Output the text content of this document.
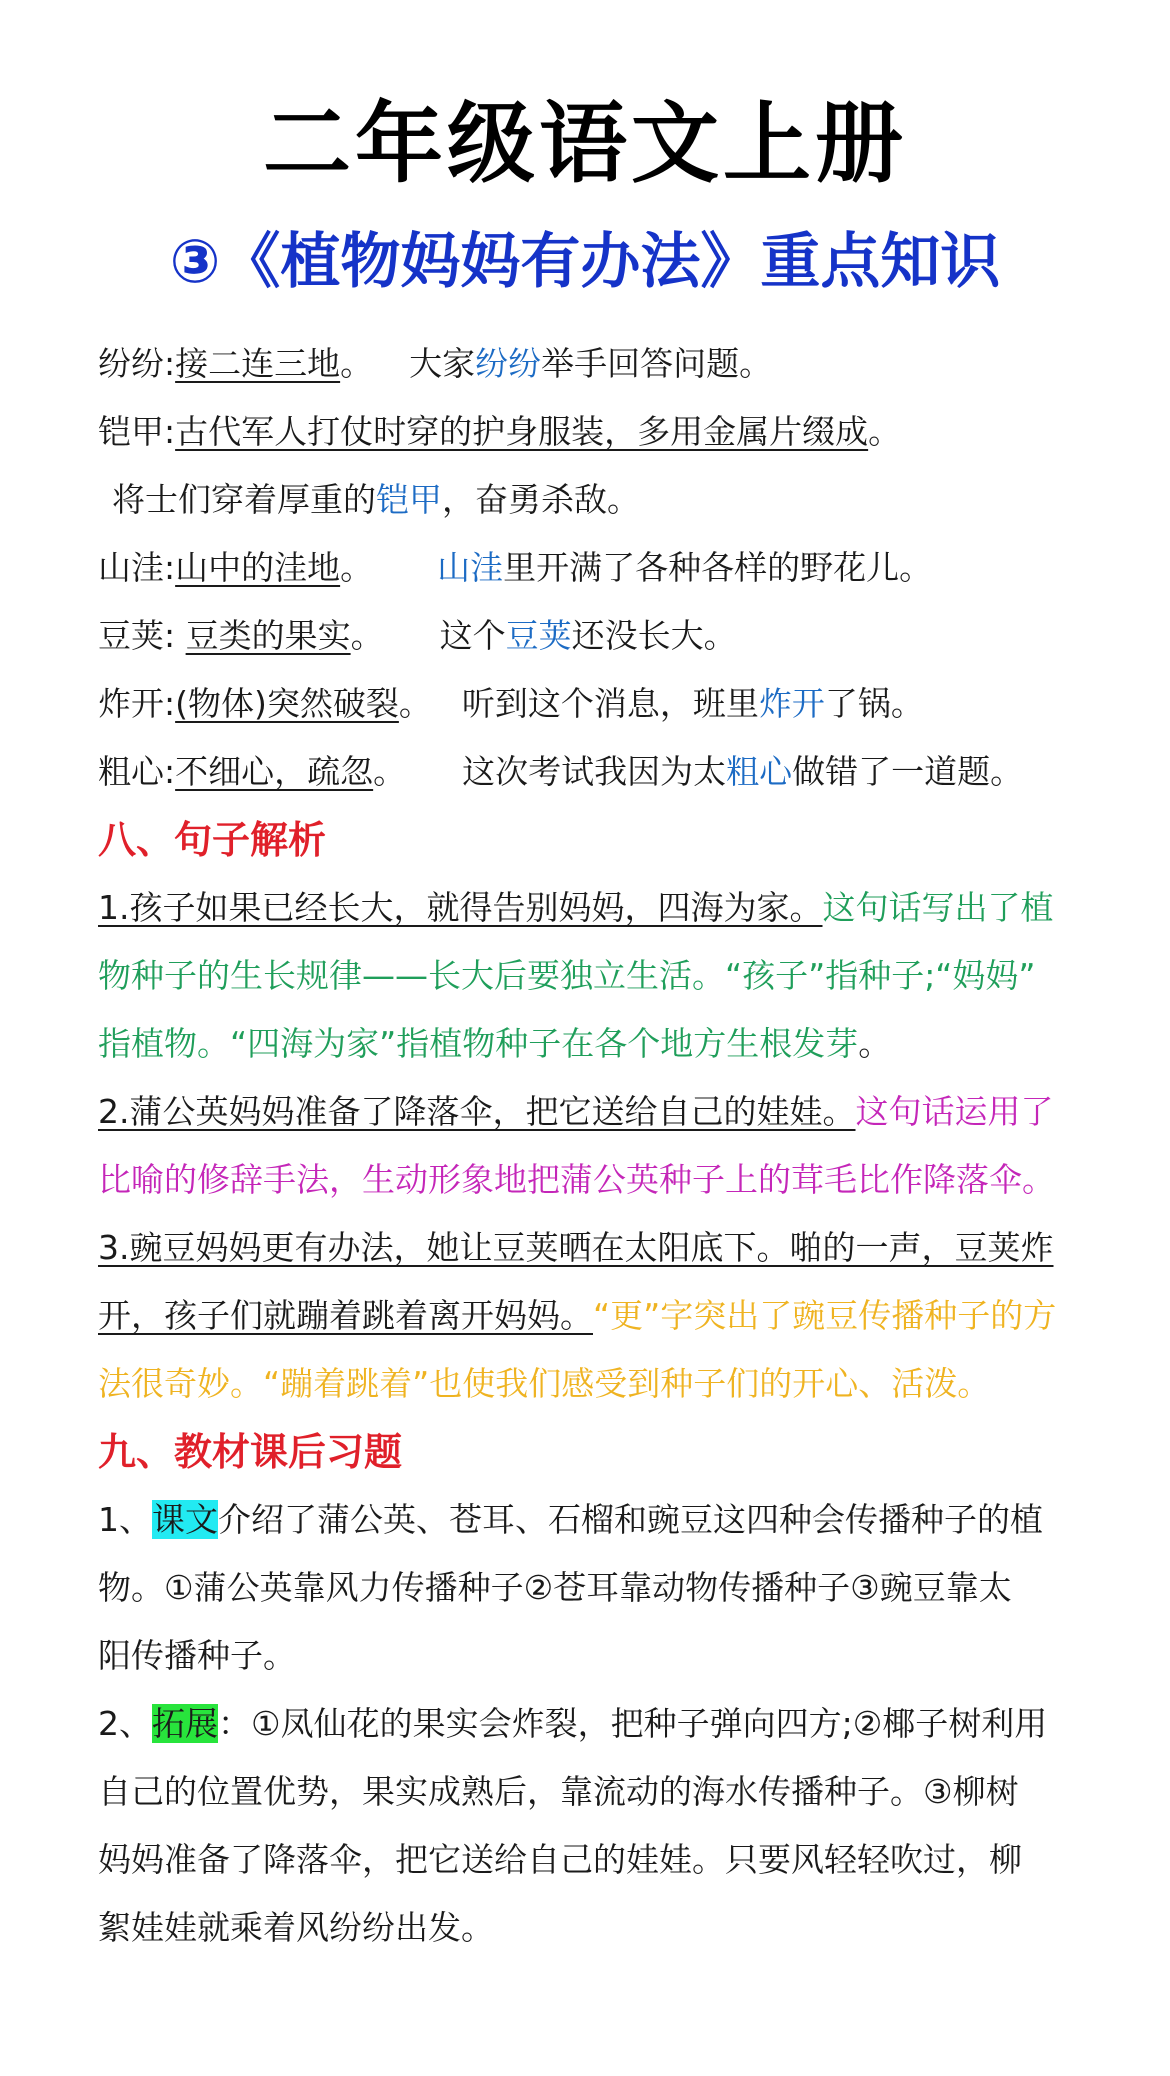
二年级语文上册
③《植物妈妈有办法》重点知识
纷纷:接二连三地。 大家纷纷举手回答问题。
铠甲:古代军人打仗时穿的护身服装，多用金属片缀成。
将士们穿着厚重的铠甲，奋勇杀敌。
山洼:山中的洼地。 山洼里开满了各种各样的野花儿。
豆荚: 豆类的果实。 这个豆荚还没长大。
炸开:(物体)突然破裂。 听到这个消息，班里炸开了锅。
粗心:不细心，疏忽。 这次考试我因为太粗心做错了一道题。
八、句子解析
1.孩子如果已经长大，就得告别妈妈，四海为家。这句话写出了植
物种子的生长规律——长大后要独立生活。“孩子”指种子;“妈妈”
指植物。“四海为家”指植物种子在各个地方生根发芽。
2.蒲公英妈妈准备了降落伞，把它送给自己的娃娃。这句话运用了
比喻的修辞手法，生动形象地把蒲公英种子上的茸毛比作降落伞。
3.豌豆妈妈更有办法，她让豆荚晒在太阳底下。啪的一声，豆荚炸
开，孩子们就蹦着跳着离开妈妈。“更”字突出了豌豆传播种子的方
法很奇妙。“蹦着跳着”也使我们感受到种子们的开心、活泼。
九、教材课后习题
1、课文介绍了蒲公英、苍耳、石榴和豌豆这四种会传播种子的植
物。①蒲公英靠风力传播种子②苍耳靠动物传播种子③豌豆靠太
阳传播种子。
2、拓展：①凤仙花的果实会炸裂，把种子弹向四方;②椰子树利用
自己的位置优势，果实成熟后，靠流动的海水传播种子。③柳树
妈妈准备了降落伞，把它送给自己的娃娃。只要风轻轻吹过，柳
絮娃娃就乘着风纷纷出发。
